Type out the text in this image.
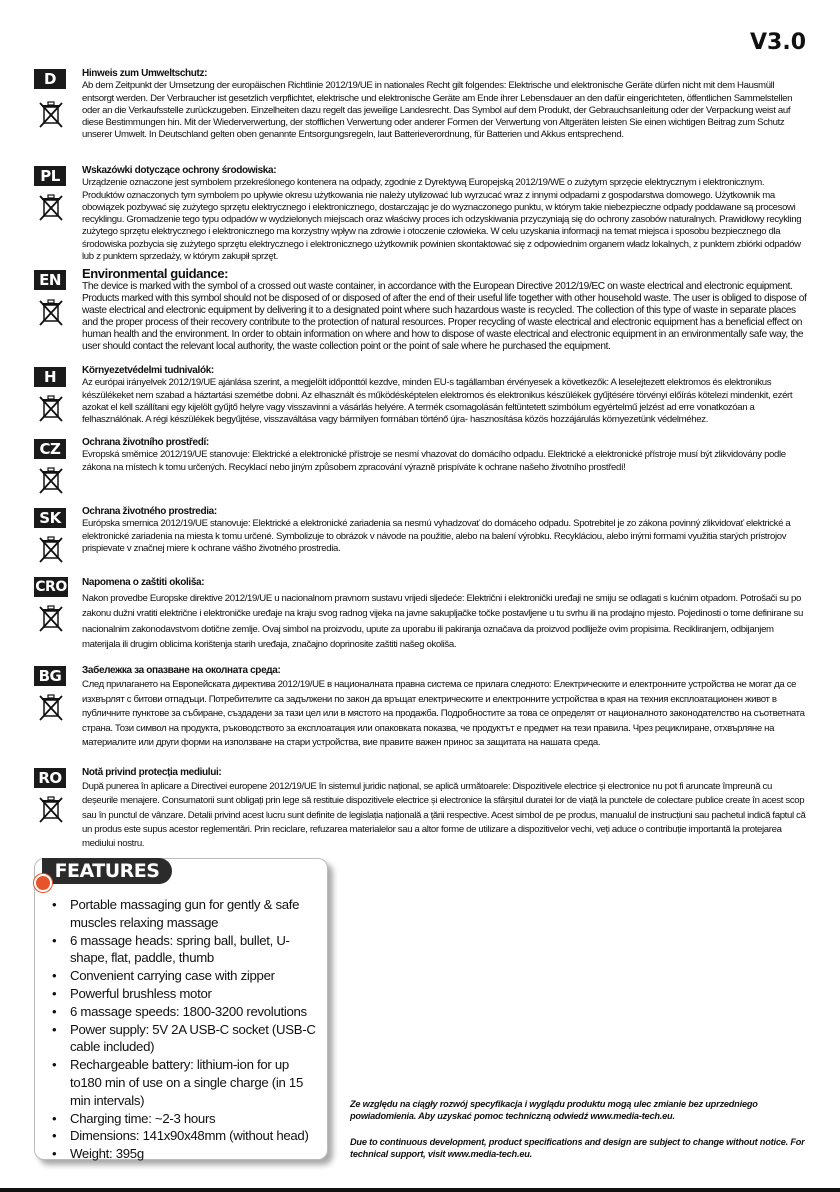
V3.0
D	Hinweis zum Umweltschutz:
Ab dem Zeitpunkt der Umsetzung der europäischen Richtlinie 2012/19/UE in nationales Recht gilt folgendes: Elektrische und elektronische Geräte dürfen nicht mit dem Hausmüll entsorgt werden. Der Verbraucher ist gesetzlich verpflichtet, elektrische und elektronische Geräte am Ende ihrer Lebensdauer an den dafür eingerichteten, öffentlichen Sammelstellen oder an die Verkaufsstelle zurückzugeben. Einzelheiten dazu regelt das jeweilige Landesrecht. Das Symbol auf dem Produkt, der Gebrauchsanleitung oder der Verpackung weist auf diese Bestimmungen hin. Mit der Wiederverwertung, der stofflichen Verwertung oder anderer Formen der Verwertung von Altgeräten leisten Sie einen wichtigen Beitrag zum Schutz unserer Umwelt. In Deutschland gelten oben genannte Entsorgungsregeln, laut Batterieverordnung, für Batterien und Akkus entsprechend.
PL	Wskazówki dotyczące ochrony środowiska:
Urządzenie oznaczone jest symbolem przekreślonego kontenera na odpady, zgodnie z Dyrektywą Europejską 2012/19/WE o zużytym sprzęcie elektrycznym i elektronicznym. Produktów oznaczonych tym symbolem po upływie okresu użytkowania nie należy utylizować lub wyrzucać wraz z innymi odpadami z gospodarstwa domowego. Użytkownik ma obowiązek pozbywać się zużytego sprzętu elektrycznego i elektronicznego, dostarczając je do wyznaczonego punktu, w którym takie niebezpieczne odpady poddawane są procesowi recyklingu. Gromadzenie tego typu odpadów w wydzielonych miejscach oraz właściwy proces ich odzyskiwania przyczyniają się do ochrony zasobów naturalnych. Prawidłowy recykling zużytego sprzętu elektrycznego i elektronicznego ma korzystny wpływ na zdrowie i otoczenie człowieka. W celu uzyskania informacji na temat miejsca i sposobu bezpiecznego dla środowiska pozbycia się zużytego sprzętu elektrycznego i elektronicznego użytkownik powinien skontaktować się z odpowiednim organem władz lokalnych, z punktem zbiórki odpadów lub z punktem sprzedaży, w którym zakupił sprzęt.
EN	Environmental guidance:
The device is marked with the symbol of a crossed out waste container, in accordance with the European Directive 2012/19/EC on waste electrical and electronic equipment. Products marked with this symbol should not be disposed of or disposed of after the end of their useful life together with other household waste. The user is obliged to dispose of waste electrical and electronic equipment by delivering it to a designated point where such hazardous waste is recycled. The collection of this type of waste in separate places and the proper process of their recovery contribute to the protection of natural resources. Proper recycling of waste electrical and electronic equipment has a beneficial effect on human health and the environment. In order to obtain information on where and how to dispose of waste electrical and electronic equipment in an environmentally safe way, the user should contact the relevant local authority, the waste collection point or the point of sale where he purchased the equipment.
H	Környezetvédelmi tudnivalók:
Az európai irányelvek 2012/19/UE ajánlása szerint, a megjelölt időponttól kezdve, minden EU-s tagállamban érvényesek a következők: A leselejtezett elektromos és elektronikus készülékeket nem szabad a háztartási szemétbe dobni. Az elhasznált és működésképtelen elektromos és elektronikus készülékek gyűjtésére törvényi előírás kötelezi mindenkit, ezért azokat el kell szállítani egy kijelölt gyűjtő helyre vagy visszavinni a vásárlás helyére. A termék csomagolásán feltüntetett szimbólum egyértelmű jelzést ad erre vonatkozóan a felhasználónak. A régi készülékek begyűjtése, visszaváltása vagy bármilyen formában történő újra- hasznosítása közös hozzájárulás környezetünk védelméhez.
CZ	Ochrana životního prostředí:
Evropská směrnice 2012/19/UE stanovuje: Elektrické a elektronické přístroje se nesmí vhazovat do domácího odpadu. Elektrické a elektronické přístroje musí být zlikvidovány podle zákona na místech k tomu určených. Recyklací nebo jiným způsobem zpracování výrazně prispíváte k ochrane našeho životního prostředí!
SK	Ochrana životného prostredia:
Európska smernica 2012/19/UE stanovuje: Elektrické a elektronické zariadenia sa nesmú vyhadzovať do domáceho odpadu. Spotrebitel je zo zákona povinný zlikvidovať elektrické a elektronické zariadenia na miesta k tomu určené. Symbolizuje to obrázok v návode na použitie, alebo na balení výrobku. Recykláciou, alebo inými formami využitia starých prístrojov prispievate v značnej miere k ochrane vášho životného prostredia.
CRO Napomena o zaštiti okoliša:
Nakon provedbe Europske direktive 2012/19/UE u nacionalnom pravnom sustavu vrijedi sljedeće: Električni i elektronički uređaji ne smiju se odlagati s kućnim otpadom. Potrošači su po zakonu dužni vratiti električne i elektroničke uređaje na kraju svog radnog vijeka na javne sakupljačke točke postavljene u tu svrhu ili na prodajno mjesto. Pojedinosti o tome definirane su nacionalnim zakonodavstvom dotične zemlje. Ovaj simbol na proizvodu, upute za uporabu ili pakiranja označava da proizvod podliježe ovim propisima. Recikliranjem, odbijanjem materijala ili drugim oblicima korištenja starih uređaja, značajno doprinosite zaštiti našeg okoliša.
BG	Забележка за опазване на околната среда:
След прилагането на Европейската директива 2012/19/UE в националната правна система се прилага следното: Електрическите и електронните устройства не могат да се изхвърлят с битови отпадъци. Потребителите са задължени по закон да връщат електрическите и електронните устройства в края на техния експлоатационен живот в публичните пунктове за събиране, създадени за тази цел или в мястото на продажба. Подробностите за това се определят от националното законодателство на съответната страна. Този символ на продукта, ръководството за експлоатация или опаковката показва, че продуктът е предмет на тези правила. Чрез рециклиране, отхвърляне на материалите или други форми на използване на стари устройства, вие правите важен принос за защитата на нашата среда.
RO	Notă privind protecția mediului:
După punerea în aplicare a Directivei europene 2012/19/UE în sistemul juridic național, se aplică următoarele: Dispozitivele electrice și electronice nu pot fi aruncate împreună cu deșeurile menajere. Consumatorii sunt obligați prin lege să restituie dispozitivele electrice și electronice la sfârșitul duratei lor de viață la punctele de colectare publice create în acest scop sau în punctul de vânzare. Detalii privind acest lucru sunt definite de legislația națională a țării respective. Acest simbol de pe produs, manualul de instrucțiuni sau pachetul indică faptul că un produs este supus acestor reglementări. Prin reciclare, refuzarea materialelor sau a altor forme de utilizare a dispozitivelor vechi, veți aduce o contribuție importantă la protejarea mediului nostru.
FEATURES
• Portable massaging gun for gently & safe muscles relaxing massage
• 6 massage heads: spring ball, bullet, U-shape, flat, paddle, thumb
• Convenient carrying case with zipper
• Powerful brushless motor
• 6 massage speeds: 1800-3200 revolutions
• Power supply: 5V 2A USB-C socket (USB-C cable included)
• Rechargeable battery: lithium-ion for up to180 min of use on a single charge (in 15 min intervals)
• Charging time: ~2-3 hours
• Dimensions: 141x90x48mm (without head)
• Weight: 395g
Ze względu na ciągły rozwój specyfikacja i wyglądu produktu mogą ulec zmianie bez uprzedniego powiadomienia. Aby uzyskać pomoc techniczną odwiedź www.media-tech.eu.
Due to continuous development, product specifications and design are subject to change without notice. For technical support, visit www.media-tech.eu.
